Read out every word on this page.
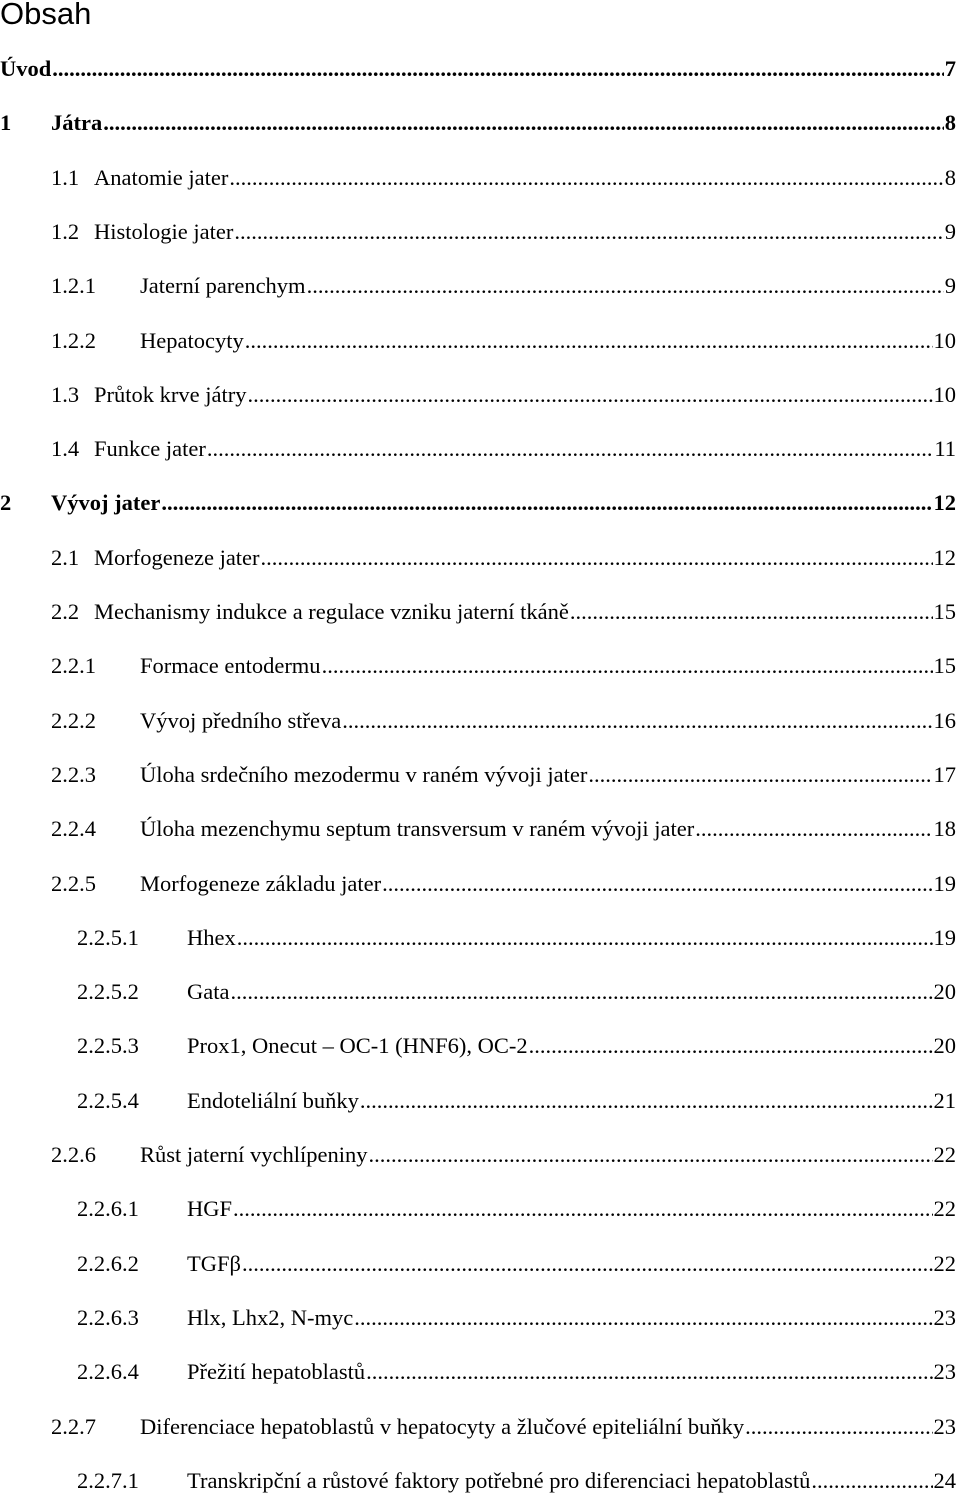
Obsah
Úvod .....	7
1	Játra .....	8
1.1 Anatomie jater .....	8
1.2 Histologie jater .....	9
1.2.1	Jaterní parenchym .....	9
1.2.2	Hepatocyty .....	10
1.3 Průtok krve játry .....	10
1.4 Funkce jater .....	11
2	Vývoj jater .....	12
2.1 Morfogeneze jater .....	12
2.2 Mechanismy indukce a regulace vzniku jaterní tkáně .....	15
2.2.1	Formace entodermu .....	15
2.2.2	Vývoj předního střeva .....	16
2.2.3	Úloha srdečního mezodermu v raném vývoji jater .....	17
2.2.4	Úloha mezenchymu septum transversum v raném vývoji jater .....	18
2.2.5	Morfogeneze základu jater .....	19
2.2.5.1	Hhex .....	19
2.2.5.2	Gata .....	20
2.2.5.3	Prox1, Onecut – OC-1 (HNF6), OC-2 .....	20
2.2.5.4	Endoteliální buňky .....	21
2.2.6	Růst jaterní vychlípeniny .....	22
2.2.6.1	HGF .....	22
2.2.6.2	TGFβ .....	22
2.2.6.3	Hlx, Lhx2, N-myc .....	23
2.2.6.4	Přežití hepatoblastů .....	23
2.2.7	Diferenciace hepatoblastů v hepatocyty a žlučové epiteliální buňky .....	23
2.2.7.1	Transkripční a růstové faktory potřebné pro diferenciaci hepatoblastů .....	24
